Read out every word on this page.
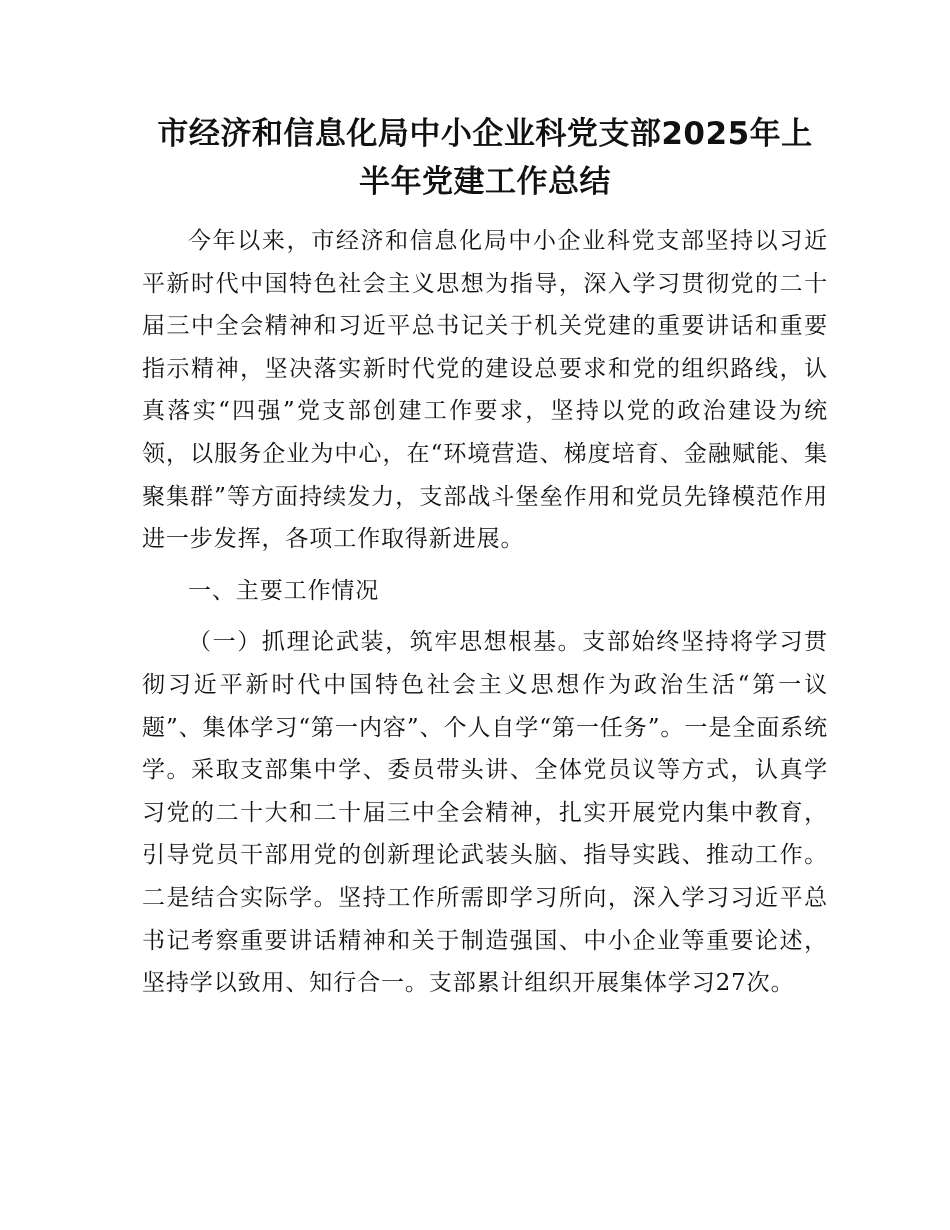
市经济和信息化局中小企业科党支部2025年上
半年党建工作总结

今年以来，市经济和信息化局中小企业科党支部坚持以习近平新时代中国特色社会主义思想为指导，深入学习贯彻党的二十届三中全会精神和习近平总书记关于机关党建的重要讲话和重要指示精神，坚决落实新时代党的建设总要求和党的组织路线，认真落实“四强”党支部创建工作要求，坚持以党的政治建设为统领，以服务企业为中心，在“环境营造、梯度培育、金融赋能、集聚集群”等方面持续发力，支部战斗堡垒作用和党员先锋模范作用进一步发挥，各项工作取得新进展。

一、主要工作情况

（一）抓理论武装，筑牢思想根基。支部始终坚持将学习贯彻习近平新时代中国特色社会主义思想作为政治生活“第一议题”、集体学习“第一内容”、个人自学“第一任务”。一是全面系统学。采取支部集中学、委员带头讲、全体党员议等方式，认真学习党的二十大和二十届三中全会精神，扎实开展党内集中教育，引导党员干部用党的创新理论武装头脑、指导实践、推动工作。二是结合实际学。坚持工作所需即学习所向，深入学习习近平总书记考察重要讲话精神和关于制造强国、中小企业等重要论述，坚持学以致用、知行合一。支部累计组织开展集体学习27次。
